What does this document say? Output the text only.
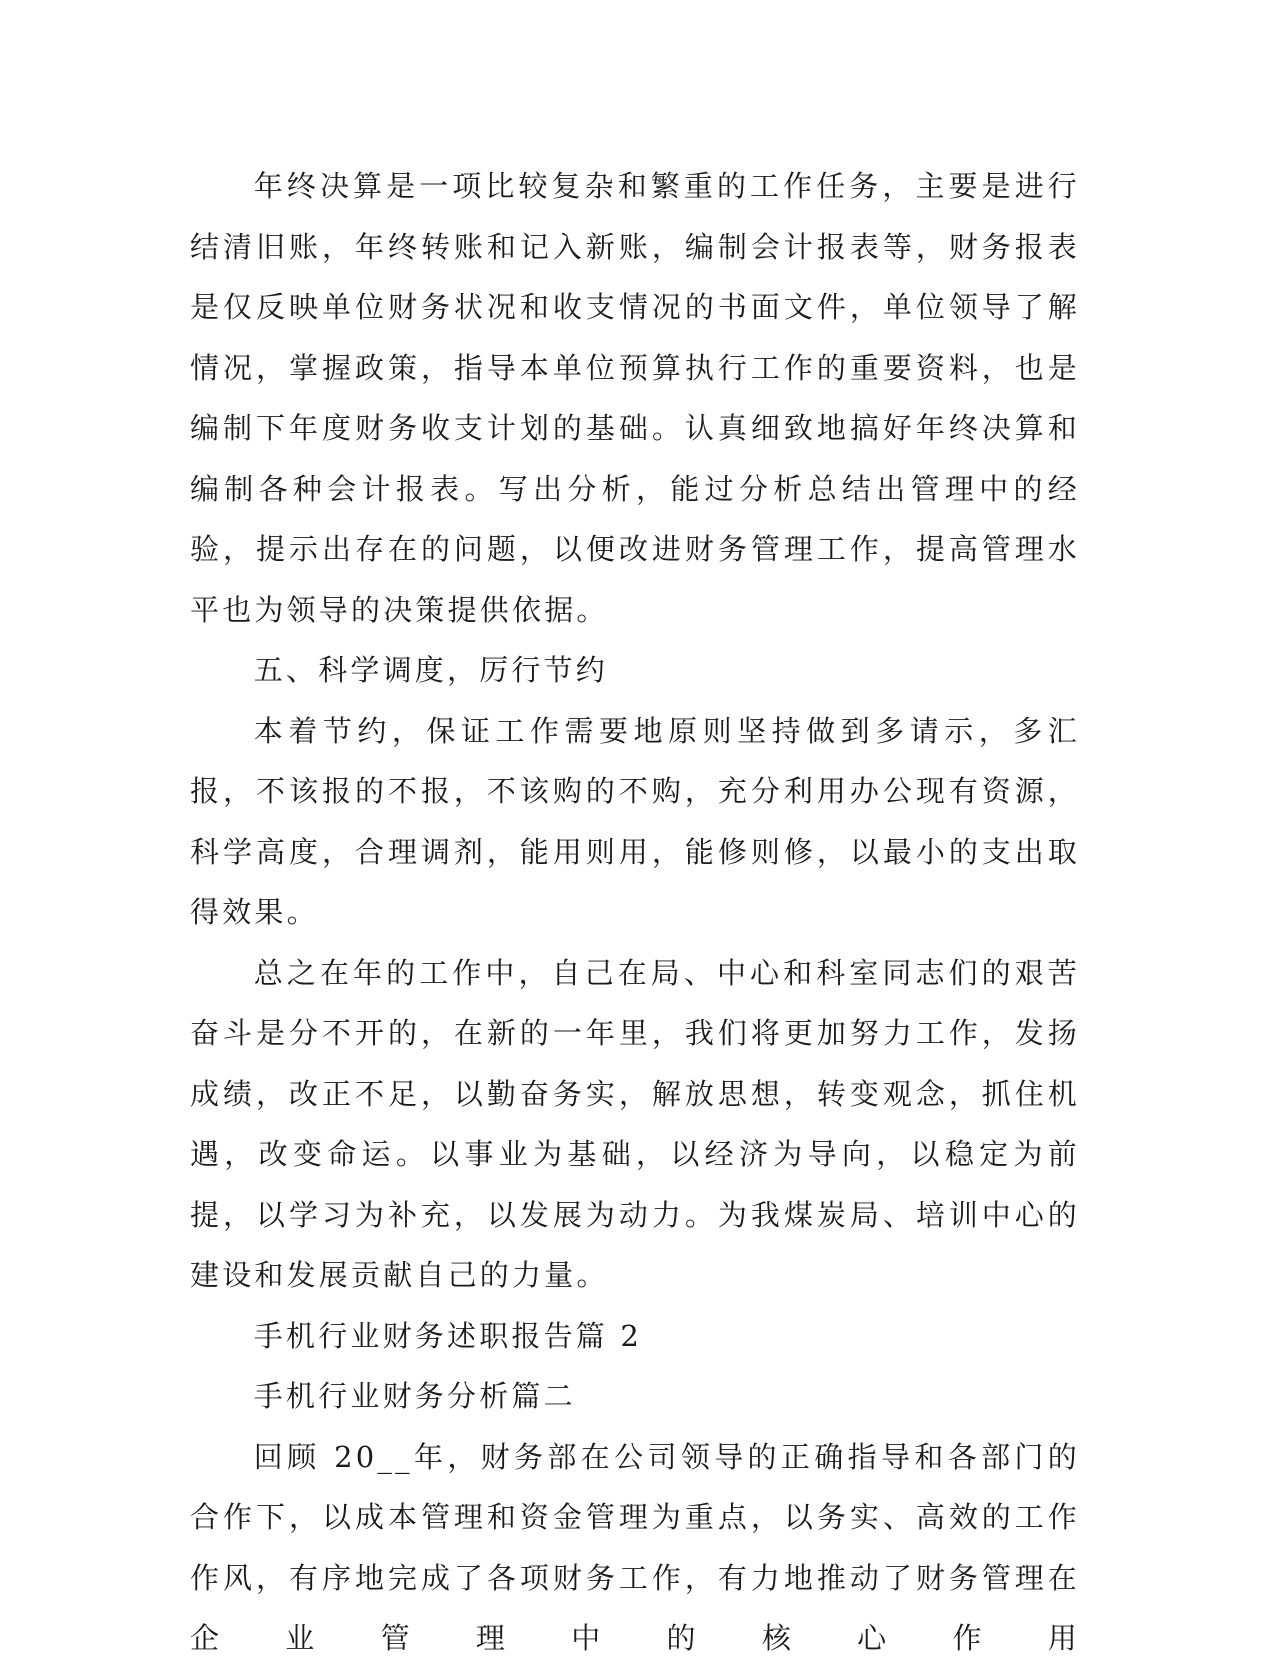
年终决算是一项比较复杂和繁重的工作任务，主要是进行结清旧账，年终转账和记入新账，编制会计报表等，财务报表是仅反映单位财务状况和收支情况的书面文件，单位领导了解情况，掌握政策，指导本单位预算执行工作的重要资料，也是编制下年度财务收支计划的基础。认真细致地搞好年终决算和编制各种会计报表。写出分析，能过分析总结出管理中的经验，提示出存在的问题，以便改进财务管理工作，提高管理水平也为领导的决策提供依据。

五、科学调度，厉行节约

本着节约，保证工作需要地原则坚持做到多请示，多汇报，不该报的不报，不该购的不购，充分利用办公现有资源，科学高度，合理调剂，能用则用，能修则修，以最小的支出取得效果。

总之在年的工作中，自己在局、中心和科室同志们的艰苦奋斗是分不开的，在新的一年里，我们将更加努力工作，发扬成绩，改正不足，以勤奋务实，解放思想，转变观念，抓住机遇，改变命运。以事业为基础，以经济为导向，以稳定为前提，以学习为补充，以发展为动力。为我煤炭局、培训中心的建设和发展贡献自己的力量。

手机行业财务述职报告篇 2

手机行业财务分析篇二

回顾 20__年，财务部在公司领导的正确指导和各部门的合作下，以成本管理和资金管理为重点，以务实、高效的工作作风，有序地完成了各项财务工作，有力地推动了财务管理在企业管理中的核心作用
